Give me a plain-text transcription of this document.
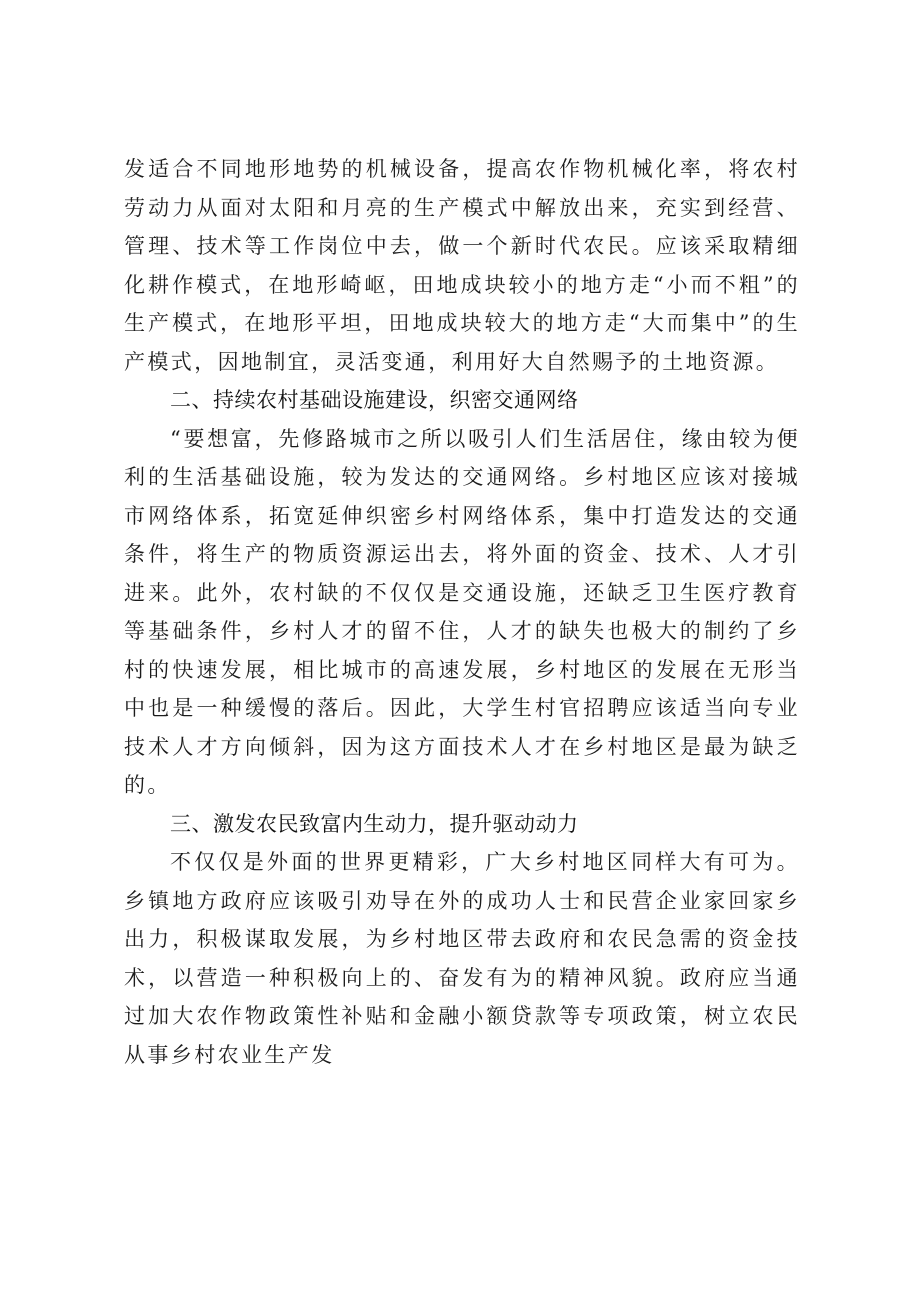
发适合不同地形地势的机械设备，提高农作物机械化率，将农村劳动力从面对太阳和月亮的生产模式中解放出来，充实到经营、管理、技术等工作岗位中去，做一个新时代农民。应该采取精细化耕作模式，在地形崎岖，田地成块较小的地方走“小而不粗”的生产模式，在地形平坦，田地成块较大的地方走“大而集中”的生产模式，因地制宜，灵活变通，利用好大自然赐予的土地资源。

二、持续农村基础设施建设，织密交通网络

“要想富，先修路城市之所以吸引人们生活居住，缘由较为便利的生活基础设施，较为发达的交通网络。乡村地区应该对接城市网络体系，拓宽延伸织密乡村网络体系，集中打造发达的交通条件，将生产的物质资源运出去，将外面的资金、技术、人才引进来。此外，农村缺的不仅仅是交通设施，还缺乏卫生医疗教育等基础条件，乡村人才的留不住，人才的缺失也极大的制约了乡村的快速发展，相比城市的高速发展，乡村地区的发展在无形当中也是一种缓慢的落后。因此，大学生村官招聘应该适当向专业技术人才方向倾斜，因为这方面技术人才在乡村地区是最为缺乏的。

三、激发农民致富内生动力，提升驱动动力

不仅仅是外面的世界更精彩，广大乡村地区同样大有可为。乡镇地方政府应该吸引劝导在外的成功人士和民营企业家回家乡出力，积极谋取发展，为乡村地区带去政府和农民急需的资金技术，以营造一种积极向上的、奋发有为的精神风貌。政府应当通过加大农作物政策性补贴和金融小额贷款等专项政策，树立农民从事乡村农业生产发
